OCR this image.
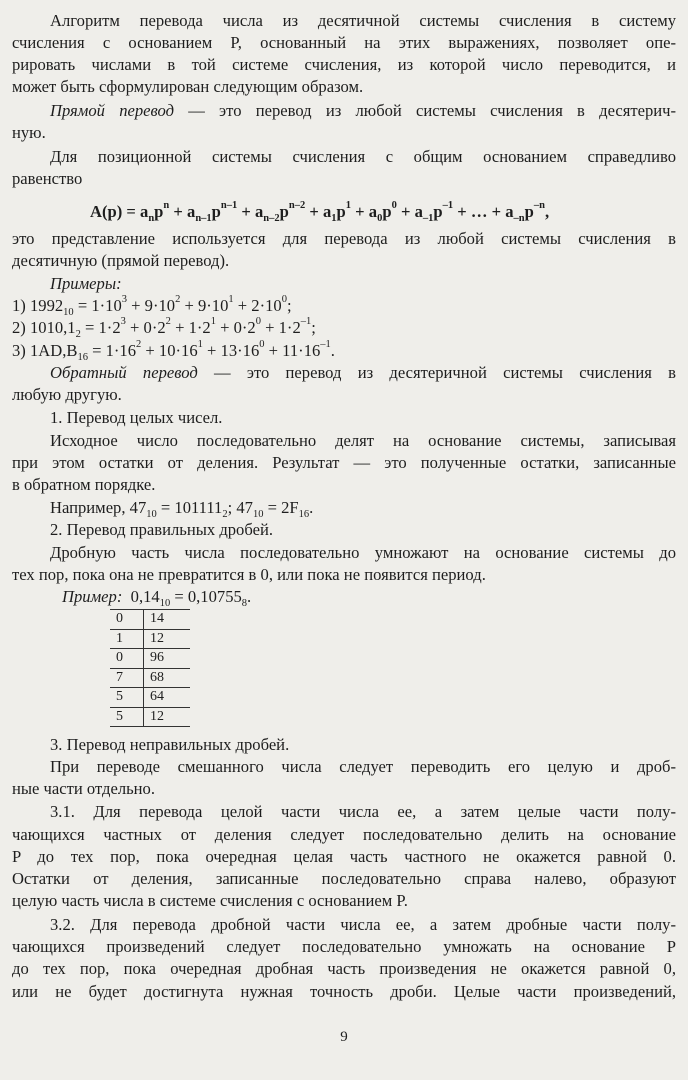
Алгоритм перевода числа из десятичной системы счисления в систему
счисления с основанием P, основанный на этих выражениях, позволяет опе-
рировать числами в той системе счисления, из которой число переводится, и
может быть сформулирован следующим образом.
Прямой перевод — это перевод из любой системы счисления в десятерич-
ную.
Для позиционной системы счисления с общим основанием справедливо
равенство
$A(p) = a_np^n + a_{n-1}p^{n-1} + a_{n-2}p^{n-2} + a_1p^1 + a_0p^0 + a_{-1}p^{-1}$ + … + $a_{-n}p^{-n}$,
это представление используется для перевода из любой системы счисления в
десятичную (прямой перевод).
Примеры:
1) $1992_{10} = 1\cdot 10^3 + 9\cdot 10^2 + 9\cdot 10^1 + 2\cdot 10^0$;
2) $1010,1_2 = 1\cdot 2^3 + 0\cdot 2^2 + 1\cdot 2^1 + 0\cdot 2^0 + 1\cdot 2^{-1}$;
3) $1AD,B_{16} = 1\cdot 16^2 + 10\cdot 16^1 + 13\cdot 16^0 + 11\cdot 16^{-1}$.
Обратный перевод — это перевод из десятеричной системы счисления в
любую другую.
1. Перевод целых чисел.
Исходное число последовательно делят на основание системы, записывая
при этом остатки от деления. Результат — это полученные остатки, записанные
в обратном порядке.
Например, $47_{10} = 101111_2$; $47_{10} = 2F_{16}$.
2. Перевод правильных дробей.
Дробную часть числа последовательно умножают на основание системы до
тех пор, пока она не превратится в 0, или пока не появится период.
Пример:  $0,14_{10} = 0,10755_8$.
0	14
1	12
0	96
7	68
5	64
5	12
3. Перевод неправильных дробей.
При переводе смешанного числа следует переводить его целую и дроб-
ные части отдельно.
3.1. Для перевода целой части числа ее, а затем целые части полу-
чающихся частных от деления следует последовательно делить на основание
P до тех пор, пока очередная целая часть частного не окажется равной 0.
Остатки от деления, записанные последовательно справа налево, образуют
целую часть числа в системе счисления с основанием P.
3.2. Для перевода дробной части числа ее, а затем дробные части полу-
чающихся произведений следует последовательно умножать на основание P
до тех пор, пока очередная дробная часть произведения не окажется равной 0,
или не будет достигнута нужная точность дроби. Целые части произведений,
9
